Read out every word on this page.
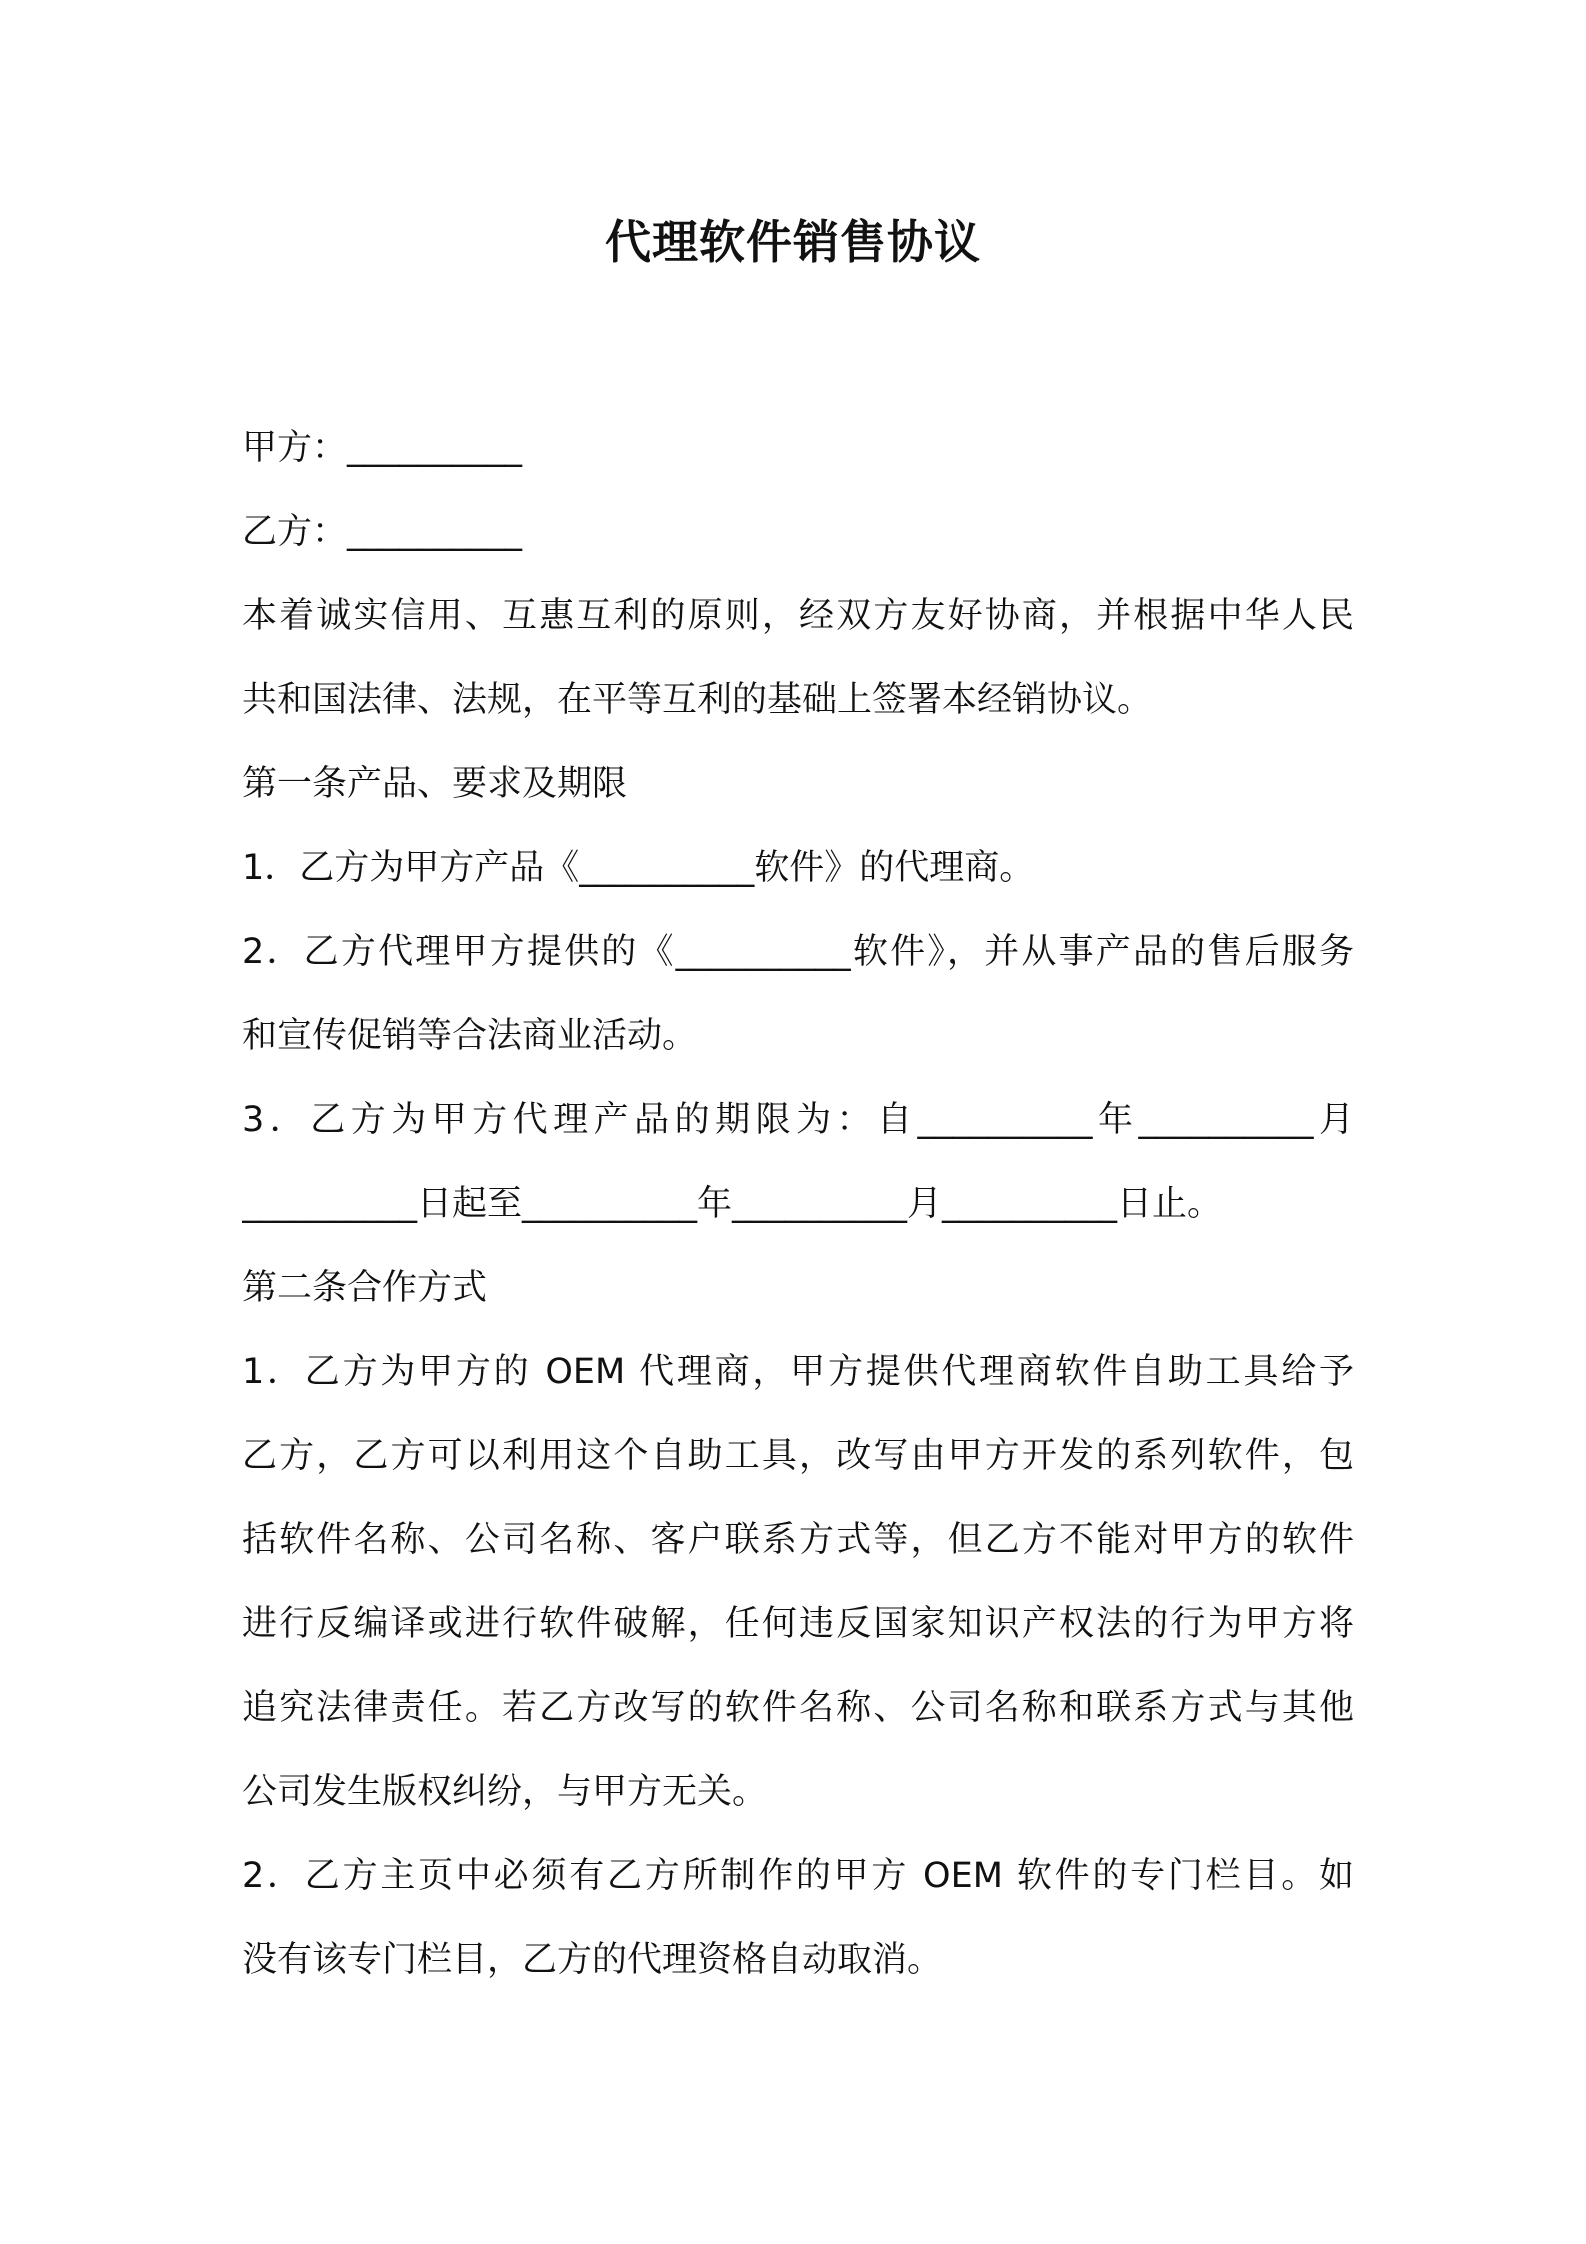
代理软件销售协议
甲方：__________
乙方：__________
本着诚实信用、互惠互利的原则，经双方友好协商，并根据中华人民
共和国法律、法规，在平等互利的基础上签署本经销协议。
第一条产品、要求及期限
1．乙方为甲方产品《__________软件》的代理商。
2．乙方代理甲方提供的《__________软件》，并从事产品的售后服务
和宣传促销等合法商业活动。
3．乙方为甲方代理产品的期限为：自__________年__________月
__________日起至__________年__________月__________日止。
第二条合作方式
1．乙方为甲方的 OEM 代理商，甲方提供代理商软件自助工具给予
乙方，乙方可以利用这个自助工具，改写由甲方开发的系列软件，包
括软件名称、公司名称、客户联系方式等，但乙方不能对甲方的软件
进行反编译或进行软件破解，任何违反国家知识产权法的行为甲方将
追究法律责任。若乙方改写的软件名称、公司名称和联系方式与其他
公司发生版权纠纷，与甲方无关。
2．乙方主页中必须有乙方所制作的甲方 OEM 软件的专门栏目。如
没有该专门栏目，乙方的代理资格自动取消。
